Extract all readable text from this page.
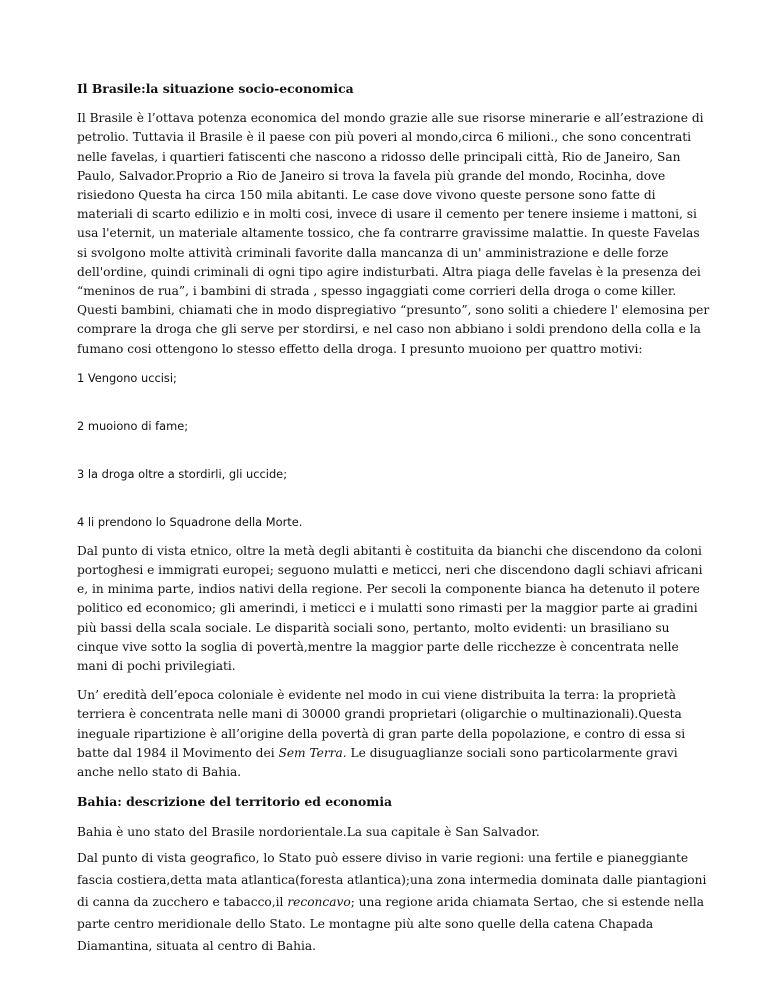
Il Brasile:la situazione socio-economica

Il Brasile è l’ottava potenza economica del mondo grazie alle sue risorse minerarie e all’estrazione di petrolio. Tuttavia il Brasile è il paese con più poveri al mondo,circa 6 milioni., che sono concentrati nelle favelas, i quartieri fatiscenti che nascono a ridosso delle principali città, Rio de Janeiro, San Paulo, Salvador.Proprio a Rio de Janeiro si trova la favela più grande del mondo, Rocinha, dove risiedono Questa ha circa 150 mila abitanti. Le case dove vivono queste persone sono fatte di materiali di scarto edilizio e in molti cosi, invece di usare il cemento per tenere insieme i mattoni, si usa l'eternit, un materiale altamente tossico, che fa contrarre gravissime malattie. In queste Favelas si svolgono molte attività criminali favorite dalla mancanza di un' amministrazione e delle forze dell'ordine, quindi criminali di ogni tipo agire indisturbati. Altra piaga delle favelas è la presenza dei “meninos de rua”, i bambini di strada , spesso ingaggiati come corrieri della droga o come killer. Questi bambini, chiamati che in modo dispregiativo “presunto”, sono soliti a chiedere l' elemosina per comprare la droga che gli serve per stordirsi, e nel caso non abbiano i soldi prendono della colla e la fumano cosi ottengono lo stesso effetto della droga. I presunto muoiono per quattro motivi:

1 Vengono uccisi;
2 muoiono di fame;
3 la droga oltre a stordirli, gli uccide;
4 li prendono lo Squadrone della Morte.

Dal punto di vista etnico, oltre la metà degli abitanti è costituita da bianchi che discendono da coloni portoghesi e immigrati europei; seguono mulatti e meticci, neri che discendono dagli schiavi africani e, in minima parte, indios nativi della regione. Per secoli la componente bianca ha detenuto il potere politico ed economico; gli amerindi, i meticci e i mulatti sono rimasti per la maggior parte ai gradini più bassi della scala sociale. Le disparità sociali sono, pertanto, molto evidenti: un brasiliano su cinque vive sotto la soglia di povertà,mentre la maggior parte delle ricchezze è concentrata nelle mani di pochi privilegiati.

Un’ eredità dell’epoca coloniale è evidente nel modo in cui viene distribuita la terra: la proprietà terriera è concentrata nelle mani di 30000 grandi proprietari (oligarchie o multinazionali).Questa ineguale ripartizione è all’origine della povertà di gran parte della popolazione, e contro di essa si batte dal 1984 il Movimento dei Sem Terra. Le disuguaglianze sociali sono particolarmente gravi anche nello stato di Bahia.

Bahia: descrizione del territorio ed economia

Bahia è uno stato del Brasile nordorientale.La sua capitale è San Salvador.

Dal punto di vista geografico, lo Stato può essere diviso in varie regioni: una fertile e pianeggiante fascia costiera,detta mata atlantica(foresta atlantica);una zona intermedia dominata dalle piantagioni di canna da zucchero e tabacco,il reconcavo; una regione arida chiamata Sertao, che si estende nella parte centro meridionale dello Stato. Le montagne più alte sono quelle della catena Chapada Diamantina, situata al centro di Bahia.
